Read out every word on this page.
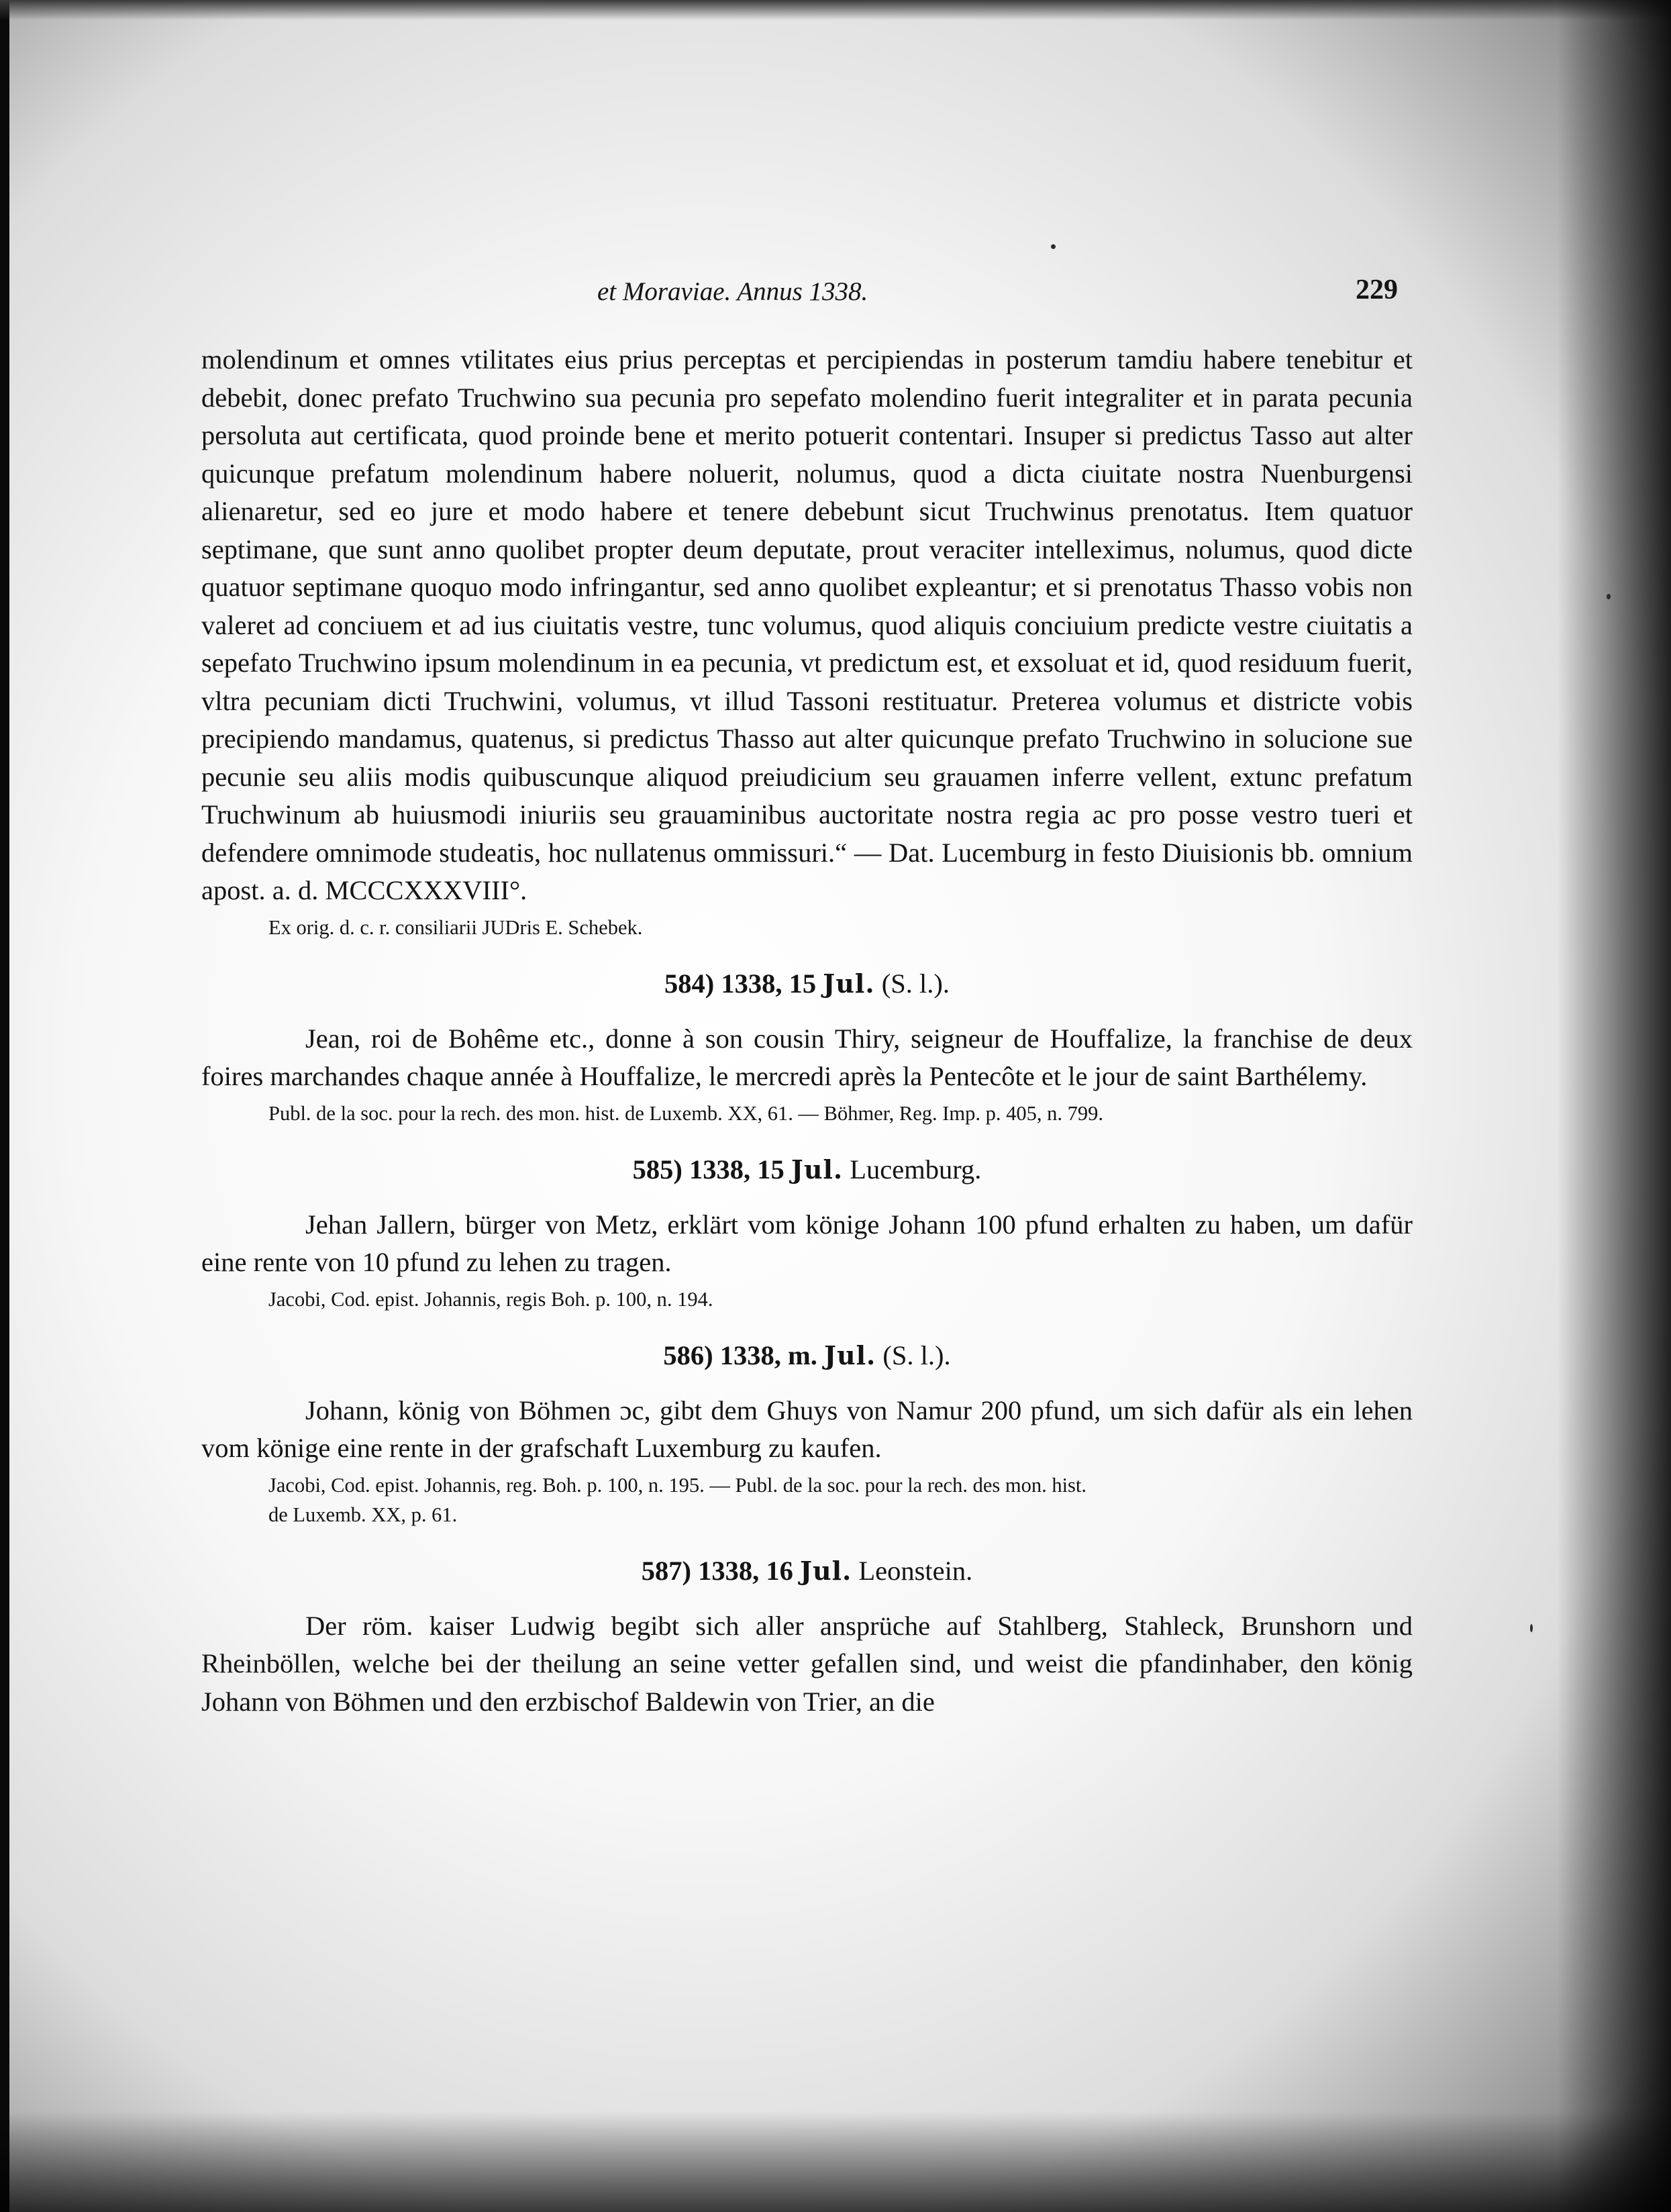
et Moraviae. Annus 1338.	229

molendinum et omnes vtilitates eius prius perceptas et percipiendas in posterum tamdiu habere tenebitur et debebit, donec prefato Truchwino sua pecunia pro sepefato molendino fuerit integraliter et in parata pecunia persoluta aut certificata, quod proinde bene et merito potuerit contentari. Insuper si predictus Tasso aut alter quicunque prefatum molendinum habere noluerit, nolumus, quod a dicta ciuitate nostra Nuenburgensi alienaretur, sed eo jure et modo habere et tenere debebunt sicut Truchwinus prenotatus. Item quatuor septimane, que sunt anno quolibet propter deum deputate, prout veraciter intelleximus, nolumus, quod dicte quatuor septimane quoquo modo infringantur, sed anno quolibet expleantur; et si prenotatus Thasso vobis non valeret ad conciuem et ad ius ciuitatis vestre, tunc volumus, quod aliquis conciuium predicte vestre ciuitatis a sepefato Truchwino ipsum molendinum in ea pecunia, vt predictum est, et exsoluat et id, quod residuum fuerit, vltra pecuniam dicti Truchwini, volumus, vt illud Tassoni restituatur. Preterea volumus et districte vobis precipiendo mandamus, quatenus, si predictus Thasso aut alter quicunque prefato Truchwino in solucione sue pecunie seu aliis modis quibuscunque aliquod preiudicium seu grauamen inferre vellent, extunc prefatum Truchwinum ab huiusmodi iniuriis seu grauaminibus auctoritate nostra regia ac pro posse vestro tueri et defendere omnimode studeatis, hoc nullatenus ommissuri.“ — Dat. Lucemburg in festo Diuisionis bb. omnium apost. a. d. MCCCXXXVIII°.

Ex orig. d. c. r. consiliarii JUDris E. Schebek.

584) 1338, 15 Jul. (S. l.).

Jean, roi de Bohême etc., donne à son cousin Thiry, seigneur de Houffalize, la franchise de deux foires marchandes chaque année à Houffalize, le mercredi après la Pentecôte et le jour de saint Barthélemy.

Publ. de la soc. pour la rech. des mon. hist. de Luxemb. XX, 61. — Böhmer, Reg. Imp. p. 405, n. 799.
585) 1338, 15 Jul. Lucemburg.

Jehan Jallern, bürger von Metz, erklärt vom könige Johann 100 pfund erhalten zu haben, um dafür eine rente von 10 pfund zu lehen zu tragen.

Jacobi, Cod. epist. Johannis, regis Boh. p. 100, n. 194.
586) 1338, m. Jul. (S. l.).

Johann, könig von Böhmen ɔc, gibt dem Ghuys von Namur 200 pfund, um sich dafür als ein lehen vom könige eine rente in der grafschaft Luxemburg zu kaufen.

Jacobi, Cod. epist. Johannis, reg. Boh. p. 100, n. 195. — Publ. de la soc. pour la rech. des mon. hist.
de Luxemb. XX, p. 61.
587) 1338, 16 Jul. Leonstein.

Der röm. kaiser Ludwig begibt sich aller ansprüche auf Stahlberg, Stahleck, Brunshorn und Rheinböllen, welche bei der theilung an seine vetter gefallen sind, und weist die pfandinhaber, den könig Johann von Böhmen und den erzbischof Baldewin von Trier, an die
